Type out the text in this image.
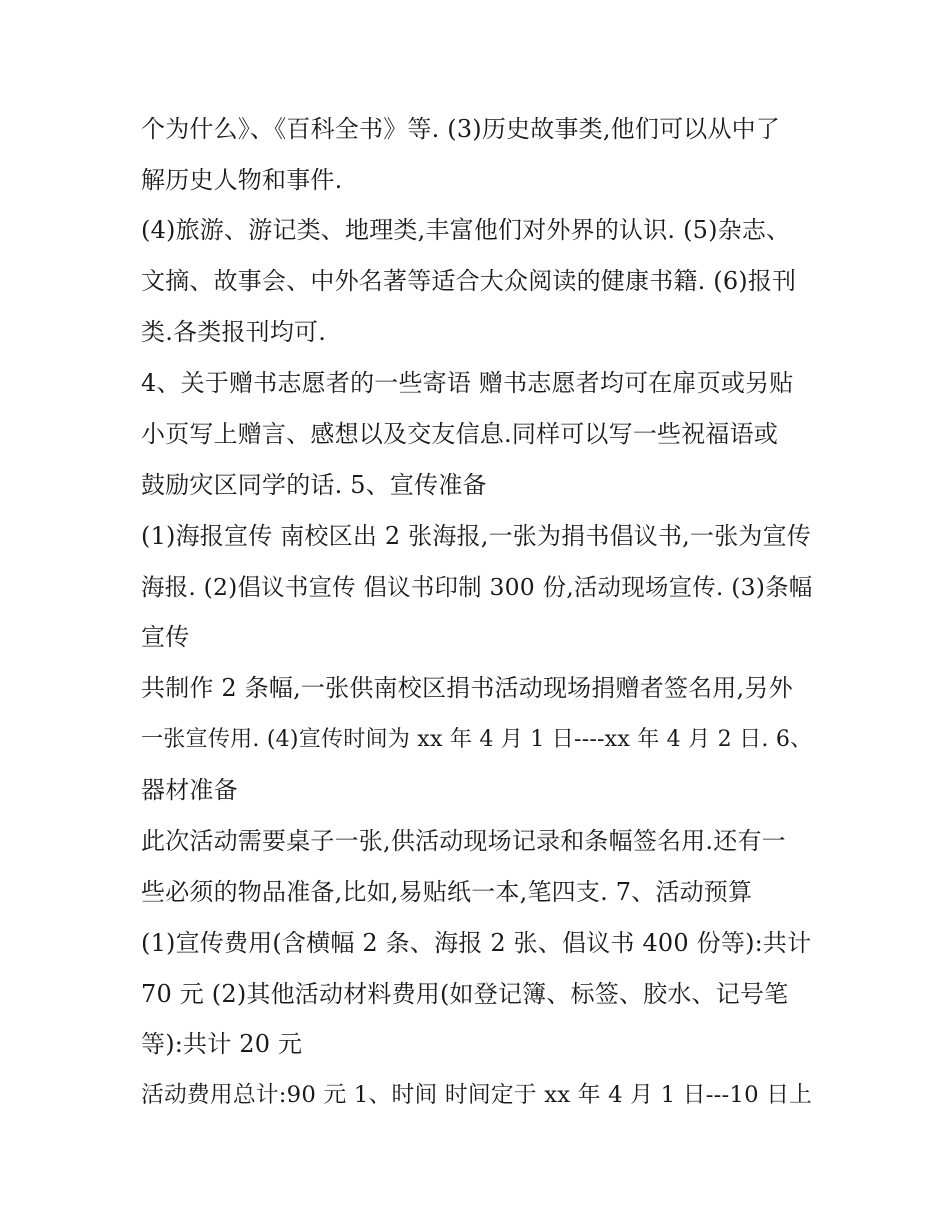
个为什么》、《百科全书》等. (3)历史故事类,他们可以从中了
解历史人物和事件.
(4)旅游、游记类、地理类,丰富他们对外界的认识. (5)杂志、
文摘、故事会、中外名著等适合大众阅读的健康书籍. (6)报刊
类.各类报刊均可.
4、关于赠书志愿者的一些寄语 赠书志愿者均可在扉页或另贴
小页写上赠言、感想以及交友信息.同样可以写一些祝福语或
鼓励灾区同学的话. 5、宣传准备
(1)海报宣传 南校区出 2 张海报,一张为捐书倡议书,一张为宣传
海报. (2)倡议书宣传 倡议书印制 300 份,活动现场宣传. (3)条幅
宣传
共制作 2 条幅,一张供南校区捐书活动现场捐赠者签名用,另外
一张宣传用. (4)宣传时间为 xx 年 4 月 1 日----xx 年 4 月 2 日. 6、
器材准备
此次活动需要桌子一张,供活动现场记录和条幅签名用.还有一
些必须的物品准备,比如,易贴纸一本,笔四支. 7、活动预算
(1)宣传费用(含横幅 2 条、海报 2 张、倡议书 400 份等):共计
70 元 (2)其他活动材料费用(如登记簿、标签、胶水、记号笔
等):共计 20 元
活动费用总计:90 元 1、时间 时间定于 xx 年 4 月 1 日---10 日上
